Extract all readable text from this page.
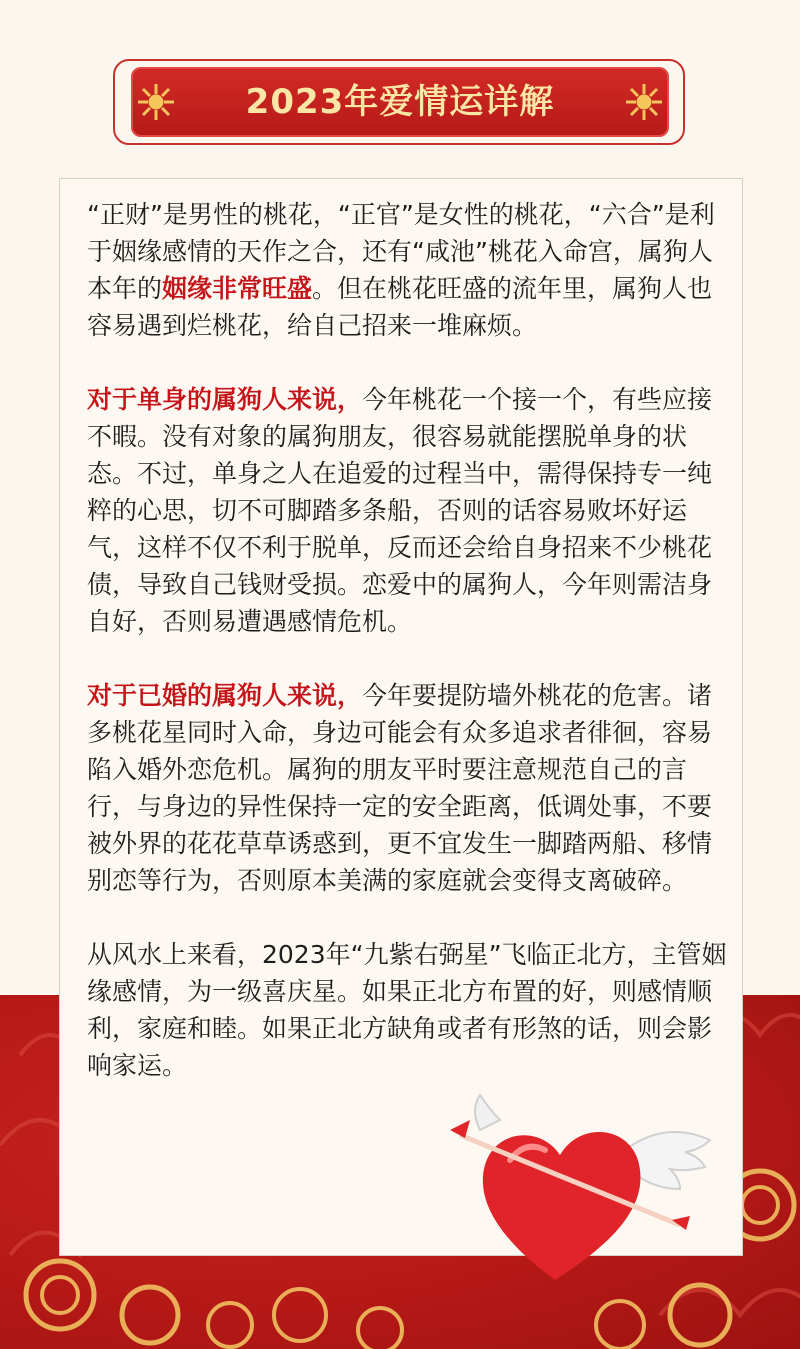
2023年爱情运详解

“正财”是男性的桃花，“正官”是女性的桃花，“六合”是利于姻缘感情的天作之合，还有“咸池”桃花入命宫，属狗人本年的姻缘非常旺盛。但在桃花旺盛的流年里，属狗人也容易遇到烂桃花，给自己招来一堆麻烦。

对于单身的属狗人来说，今年桃花一个接一个，有些应接不暇。没有对象的属狗朋友，很容易就能摆脱单身的状态。不过，单身之人在追爱的过程当中，需得保持专一纯粹的心思，切不可脚踏多条船，否则的话容易败坏好运气，这样不仅不利于脱单，反而还会给自身招来不少桃花债，导致自己钱财受损。恋爱中的属狗人，今年则需洁身自好，否则易遭遇感情危机。

对于已婚的属狗人来说，今年要提防墙外桃花的危害。诸多桃花星同时入命，身边可能会有众多追求者徘徊，容易陷入婚外恋危机。属狗的朋友平时要注意规范自己的言行，与身边的异性保持一定的安全距离，低调处事，不要被外界的花花草草诱惑到，更不宜发生一脚踏两船、移情别恋等行为，否则原本美满的家庭就会变得支离破碎。

从风水上来看，2023年“九紫右弼星”飞临正北方，主管姻缘感情，为一级喜庆星。如果正北方布置的好，则感情顺利，家庭和睦。如果正北方缺角或者有形煞的话，则会影响家运。
